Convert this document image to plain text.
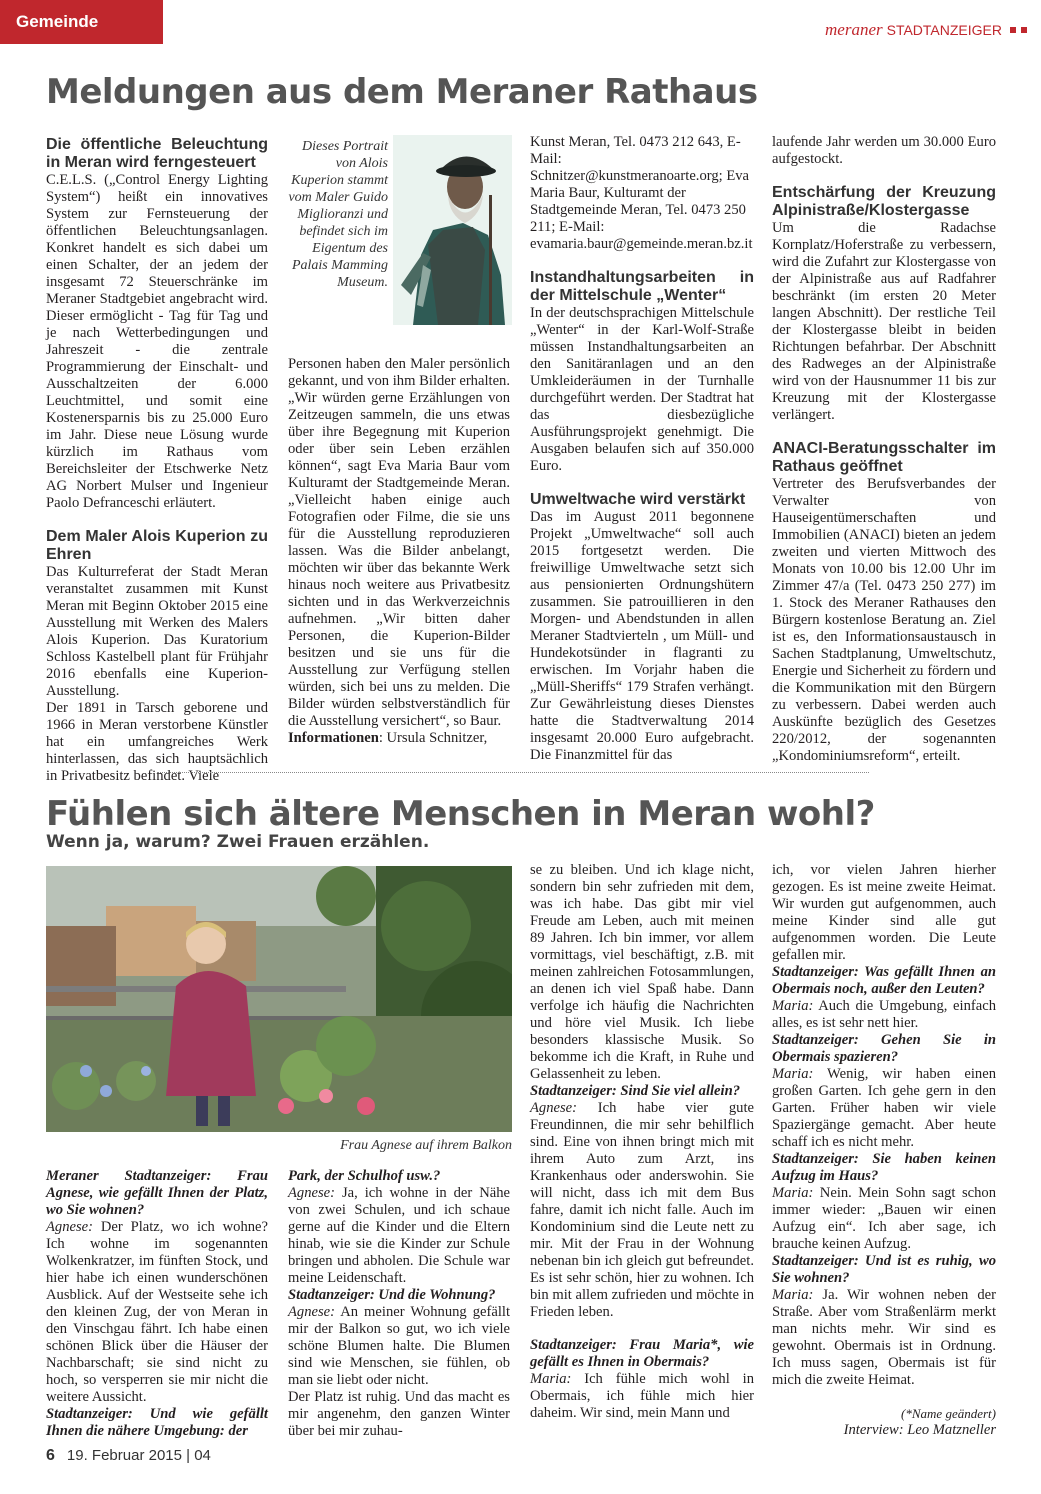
Gemeinde	meraner STADTANZEIGER
Meldungen aus dem Meraner Rathaus
Die öffentliche Beleuchtung in Meran wird ferngesteuert

C.E.L.S. („Control Energy Lighting System“) heißt ein innovatives System zur Fernsteuerung der öffentlichen Beleuchtungsanlagen. Konkret handelt es sich dabei um einen Schalter, der an jedem der insgesamt 72 Steuerschränke im Meraner Stadtgebiet angebracht wird. Dieser ermöglicht - Tag für Tag und je nach Wetterbedingungen und Jahreszeit - die zentrale Programmierung der Einschalt- und Ausschaltzeiten der 6.000 Leuchtmittel, und somit eine Kostenersparnis bis zu 25.000 Euro im Jahr. Diese neue Lösung wurde kürzlich im Rathaus vom Bereichsleiter der Etschwerke Netz AG Norbert Mulser und Ingenieur Paolo Defranceschi erläutert.

Dem Maler Alois Kuperion zu Ehren

Das Kulturreferat der Stadt Meran veranstaltet zusammen mit Kunst Meran mit Beginn Oktober 2015 eine Ausstellung mit Werken des Malers Alois Kuperion. Das Kuratorium Schloss Kastelbell plant für Frühjahr 2016 ebenfalls eine Kuperion-Ausstellung.

Der 1891 in Tarsch geborene und 1966 in Meran verstorbene Künstler hat ein umfangreiches Werk hinterlassen, das sich hauptsächlich in Privatbesitz befindet. Viele

Dieses Portrait von Alois Kuperion stammt vom Maler Guido Miglioranzi und befindet sich im Eigentum des Palais Mamming Museum.

Personen haben den Maler persönlich gekannt, und von ihm Bilder erhalten. „Wir würden gerne Erzählungen von Zeitzeugen sammeln, die uns etwas über ihre Begegnung mit Kuperion oder über sein Leben erzählen können“, sagt Eva Maria Baur vom Kulturamt der Stadtgemeinde Meran. „Vielleicht haben einige auch Fotografien oder Filme, die sie uns für die Ausstellung reproduzieren lassen. Was die Bilder anbelangt, möchten wir über das bekannte Werk hinaus noch weitere aus Privatbesitz sichten und in das Werkverzeichnis aufnehmen. „Wir bitten daher Personen, die Kuperion-Bilder besitzen und sie uns für die Ausstellung zur Verfügung stellen würden, sich bei uns zu melden. Die Bilder würden selbstverständlich für die Ausstellung versichert“, so Baur.

Informationen: Ursula Schnitzer,

Kunst Meran, Tel. 0473 212 643, E-Mail: Schnitzer@kunstmeranoarte.org; Eva Maria Baur, Kulturamt der Stadtgemeinde Meran, Tel. 0473 250 211; E-Mail: evamaria.baur@gemeinde.meran.bz.it

Instandhaltungsarbeiten in der Mittelschule „Wenter“

In der deutschsprachigen Mittelschule „Wenter“ in der Karl-Wolf-Straße müssen Instandhaltungsarbeiten an den Sanitäranlagen und an den Umkleideräumen in der Turnhalle durchgeführt werden. Der Stadtrat hat das diesbezügliche Ausführungsprojekt genehmigt. Die Ausgaben belaufen sich auf 350.000 Euro.

Umweltwache wird verstärkt

Das im August 2011 begonnene Projekt „Umweltwache“ soll auch 2015 fortgesetzt werden. Die freiwillige Umweltwache setzt sich aus pensionierten Ordnungshütern zusammen. Sie patrouillieren in den Morgen- und Abendstunden in allen Meraner Stadtvierteln , um Müll- und Hundekotsünder in flagranti zu erwischen. Im Vorjahr haben die „Müll-Sheriffs“ 179 Strafen verhängt. Zur Gewährleistung dieses Dienstes hatte die Stadtverwaltung 2014 insgesamt 20.000 Euro aufgebracht. Die Finanzmittel für das

laufende Jahr werden um 30.000 Euro aufgestockt.

Entschärfung der Kreuzung Alpinistraße/Klostergasse

Um die Radachse Kornplatz/Hoferstraße zu verbessern, wird die Zufahrt zur Klostergasse von der Alpinistraße aus auf Radfahrer beschränkt (im ersten 20 Meter langen Abschnitt). Der restliche Teil der Klostergasse bleibt in beiden Richtungen befahrbar. Der Abschnitt des Radweges an der Alpinistraße wird von der Hausnummer 11 bis zur Kreuzung mit der Klostergasse verlängert.

ANACI-Beratungsschalter im Rathaus geöffnet

Vertreter des Berufsverbandes der Verwalter von Hauseigentümerschaften und Immobilien (ANACI) bieten an jedem zweiten und vierten Mittwoch des Monats von 10.00 bis 12.00 Uhr im Zimmer 47/a (Tel. 0473 250 277) im 1. Stock des Meraner Rathauses den Bürgern kostenlose Beratung an. Ziel ist es, den Informationsaustausch in Sachen Stadtplanung, Umweltschutz, Energie und Sicherheit zu fördern und die Kommunikation mit den Bürgern zu verbessern. Dabei werden auch Auskünfte bezüglich des Gesetzes 220/2012, der sogenannten „Kondominiumsreform“, erteilt.

Fühlen sich ältere Menschen in Meran wohl?
Wenn ja, warum? Zwei Frauen erzählen.
Frau Agnese auf ihrem Balkon

Meraner Stadtanzeiger: Frau Agnese, wie gefällt Ihnen der Platz, wo Sie wohnen?

Agnese: Der Platz, wo ich wohne? Ich wohne im sogenannten Wolkenkratzer, im fünften Stock, und hier habe ich einen wunderschönen Ausblick. Auf der Westseite sehe ich den kleinen Zug, der von Meran in den Vinschgau fährt. Ich habe einen schönen Blick über die Häuser der Nachbarschaft; sie sind nicht zu hoch, so versperren sie mir nicht die weitere Aussicht.

Stadtanzeiger: Und wie gefällt Ihnen die nähere Umgebung: der

Park, der Schulhof usw.?

Agnese: Ja, ich wohne in der Nähe von zwei Schulen, und ich schaue gerne auf die Kinder und die Eltern hinab, wie sie die Kinder zur Schule bringen und abholen. Die Schule war meine Leidenschaft.

Stadtanzeiger: Und die Wohnung?

Agnese: An meiner Wohnung gefällt mir der Balkon so gut, wo ich viele schöne Blumen halte. Die Blumen sind wie Menschen, sie fühlen, ob man sie liebt oder nicht.

Der Platz ist ruhig. Und das macht es mir angenehm, den ganzen Winter über bei mir zuhau-

se zu bleiben. Und ich klage nicht, sondern bin sehr zufrieden mit dem, was ich habe. Das gibt mir viel Freude am Leben, auch mit meinen 89 Jahren. Ich bin immer, vor allem vormittags, viel beschäftigt, z.B. mit meinen zahlreichen Fotosammlungen, an denen ich viel Spaß habe. Dann verfolge ich häufig die Nachrichten und höre viel Musik. Ich liebe besonders klassische Musik. So bekomme ich die Kraft, in Ruhe und Gelassenheit zu leben.

Stadtanzeiger: Sind Sie viel allein?

Agnese: Ich habe vier gute Freundinnen, die mir sehr behilflich sind. Eine von ihnen bringt mich mit ihrem Auto zum Arzt, ins Krankenhaus oder anderswohin. Sie will nicht, dass ich mit dem Bus fahre, damit ich nicht falle. Auch im Kondominium sind die Leute nett zu mir. Mit der Frau in der Wohnung nebenan bin ich gleich gut befreundet. Es ist sehr schön, hier zu wohnen. Ich bin mit allem zufrieden und möchte in Frieden leben.

Stadtanzeiger: Frau Maria*, wie gefällt es Ihnen in Obermais?

Maria: Ich fühle mich wohl in Obermais, ich fühle mich hier daheim. Wir sind, mein Mann und

ich, vor vielen Jahren hierher gezogen. Es ist meine zweite Heimat. Wir wurden gut aufgenommen, auch meine Kinder sind alle gut aufgenommen worden. Die Leute gefallen mir.

Stadtanzeiger: Was gefällt Ihnen an Obermais noch, außer den Leuten?

Maria: Auch die Umgebung, einfach alles, es ist sehr nett hier.

Stadtanzeiger: Gehen Sie in Obermais spazieren?

Maria: Wenig, wir haben einen großen Garten. Ich gehe gern in den Garten. Früher haben wir viele Spaziergänge gemacht. Aber heute schaff ich es nicht mehr.

Stadtanzeiger: Sie haben keinen Aufzug im Haus?

Maria: Nein. Mein Sohn sagt schon immer wieder: „Bauen wir einen Aufzug ein“. Ich aber sage, ich brauche keinen Aufzug.

Stadtanzeiger: Und ist es ruhig, wo Sie wohnen?

Maria: Ja. Wir wohnen neben der Straße. Aber vom Straßenlärm merkt man nichts mehr. Wir sind es gewohnt. Obermais ist in Ordnung. Ich muss sagen, Obermais ist für mich die zweite Heimat.

(*Name geändert)

Interview: Leo Matzneller

6 19. Februar 2015 | 04
